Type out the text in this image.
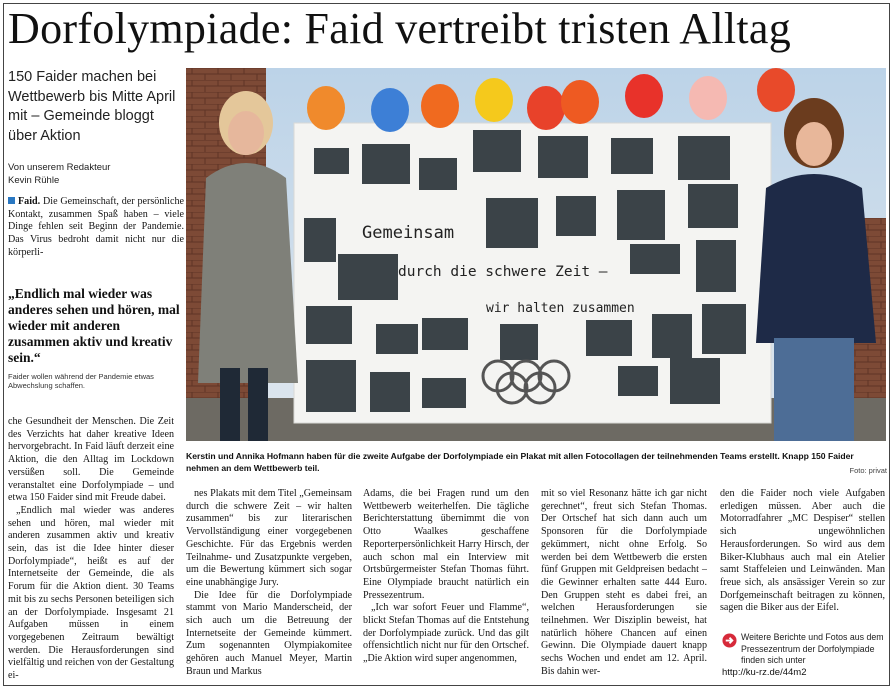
Dorfolympiade: Faid vertreibt tristen Alltag
150 Faider machen bei Wettbewerb bis Mitte April mit – Gemeinde bloggt über Aktion
Von unserem Redakteur
Kevin Rühle

Faid. Die Gemeinschaft, der persönliche Kontakt, zusammen Spaß haben – viele Dinge fehlen seit Beginn der Pandemie. Das Virus bedroht damit nicht nur die körperli-

„Endlich mal wieder was anderes sehen und hören, mal wieder mit anderen zusammen aktiv und kreativ sein.“
Faider wollen während der Pandemie etwas Abwechslung schaffen.
Gemeinsam
durch die schwere Zeit –
wir halten zusammen
Kerstin und Annika Hofmann haben für die zweite Aufgabe der Dorfolympiade ein Plakat mit allen Fotocollagen der teilnehmenden Teams erstellt. Knapp 150 Faider nehmen an dem Wettbewerb teil.	Foto: privat

che Gesundheit der Menschen. Die Zeit des Verzichts hat daher kreative Ideen hervorgebracht. In Faid läuft derzeit eine Aktion, die den Alltag im Lockdown versüßen soll. Die Gemeinde veranstaltet eine Dorfolympiade – und etwa 150 Faider sind mit Freude dabei.

„Endlich mal wieder was anderes sehen und hören, mal wieder mit anderen zusammen aktiv und kreativ sein, das ist die Idee hinter dieser Dorfolympiade“, heißt es auf der Internetseite der Gemeinde, die als Forum für die Aktion dient. 30 Teams mit bis zu sechs Personen beteiligen sich an der Dorfolympiade. Insgesamt 21 Aufgaben müssen in einem vorgegebenen Zeitraum bewältigt werden. Die Herausforderungen sind vielfältig und reichen von der Gestaltung ei-

nes Plakats mit dem Titel „Gemeinsam durch die schwere Zeit – wir halten zusammen“ bis zur literarischen Vervollständigung einer vorgegebenen Geschichte. Für das Ergebnis werden Teilnahme- und Zusatzpunkte vergeben, um die Bewertung kümmert sich sogar eine unabhängige Jury.

Die Idee für die Dorfolympiade stammt von Mario Manderscheid, der sich auch um die Betreuung der Internetseite der Gemeinde kümmert. Zum sogenannten Olympiakomitee gehören auch Manuel Meyer, Martin Braun und Markus

Adams, die bei Fragen rund um den Wettbewerb weiterhelfen. Die tägliche Berichterstattung übernimmt die von Otto Waalkes geschaffene Reporterpersönlichkeit Harry Hirsch, der auch schon mal ein Interview mit Ortsbürgermeister Stefan Thomas führt. Eine Olympiade braucht natürlich ein Pressezentrum.

„Ich war sofort Feuer und Flamme“, blickt Stefan Thomas auf die Entstehung der Dorfolympiade zurück. Und das gilt offensichtlich nicht nur für den Ortschef. „Die Aktion wird super angenommen,

mit so viel Resonanz hätte ich gar nicht gerechnet“, freut sich Stefan Thomas. Der Ortschef hat sich dann auch um Sponsoren für die Dorfolympiade gekümmert, nicht ohne Erfolg. So werden bei dem Wettbewerb die ersten fünf Gruppen mit Geldpreisen bedacht – die Gewinner erhalten satte 444 Euro. Den Gruppen steht es dabei frei, an welchen Herausforderungen sie teilnehmen. Wer Disziplin beweist, hat natürlich höhere Chancen auf einen Gewinn. Die Olympiade dauert knapp sechs Wochen und endet am 12. April. Bis dahin wer-

den die Faider noch viele Aufgaben erledigen müssen. Aber auch die Motorradfahrer „MC Despiser“ stellen sich ungewöhnlichen Herausforderungen. So wird aus dem Biker-Klubhaus auch mal ein Atelier samt Staffeleien und Leinwänden. Man freue sich, als ansässiger Verein so zur Dorfgemeinschaft beitragen zu können, sagen die Biker aus der Eifel.

Weitere Berichte und Fotos aus dem Pressezentrum der Dorfolympiade finden sich unter
http://ku-rz.de/44m2
